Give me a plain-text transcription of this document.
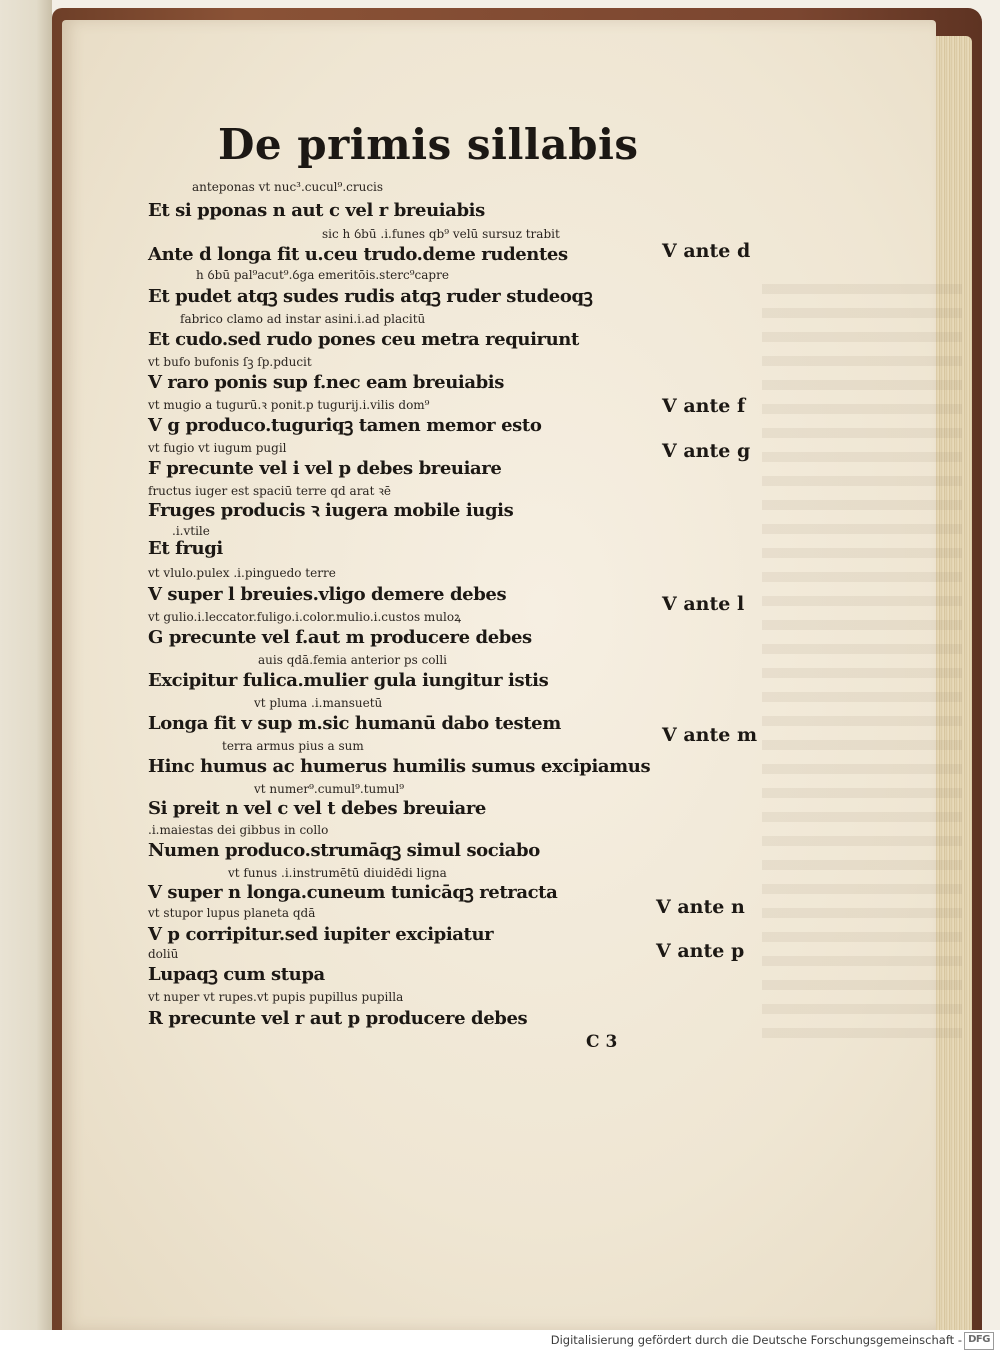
De primis sillabis
anteponas vt nuc³.cucul⁹.crucis
Et si pponas n aut c vel r breuiabis
sic h ỽbū .i.funes qb⁹ velū sursuz trabit
Ante d longa fit u.ceu trudo.deme rudentes
h ỽbū pal⁹acut⁹.ỽga emeritōis.sterc⁹capre
Et pudet atqꝫ sudes rudis atqꝫ ruder studeoqꝫ
fabrico clamo ad instar asini.i.ad placitū
Et cudo.sed rudo pones ceu metra requirunt
vt bufo bufonis ſꝫ ſp.pducit
V raro ponis sup f.nec eam breuiabis
vt mugio a tugurū.ꝛ ponit.p tugurij.i.vilis dom⁹
V g produco.tuguriqꝫ tamen memor esto
vt fugio vt iugum pugil
F precunte vel i vel p debes breuiare
fructus iuger est spaciū terre qd arat ꝛē
Fruges producis ꝛ iugera mobile iugis
.i.vtile
Et frugi
vt vlulo.pulex .i.pinguedo terre
V super l breuies.vligo demere debes
vt gulio.i.leccator.fuligo.i.color.mulio.i.custos muloꝝ
G precunte vel f.aut m producere debes
auis qdā.femia anterior ps colli
Excipitur fulica.mulier gula iungitur istis
vt pluma .i.mansuetū
Longa fit v sup m.sic humanū dabo testem
terra armus pius a sum
Hinc humus ac humerus humilis sumus excipiamus
vt numer⁹.cumul⁹.tumul⁹
Si preit n vel c vel t debes breuiare
.i.maiestas dei gibbus in collo
Numen produco.strumāqꝫ simul sociabo
vt funus .i.instrumētū diuidēdi ligna
V super n longa.cuneum tunicāqꝫ retracta
vt stupor lupus planeta qdā
V p corripitur.sed iupiter excipiatur
doliū
Lupaqꝫ cum stupa
vt nuper vt rupes.vt pupis pupillus pupilla
R precunte vel r aut p producere debes
V ante d
V ante f
V ante g
V ante l
V ante m
V ante n
V ante p
C 3
Digitalisierung gefördert durch die Deutsche Forschungsgemeinschaft - DFG
